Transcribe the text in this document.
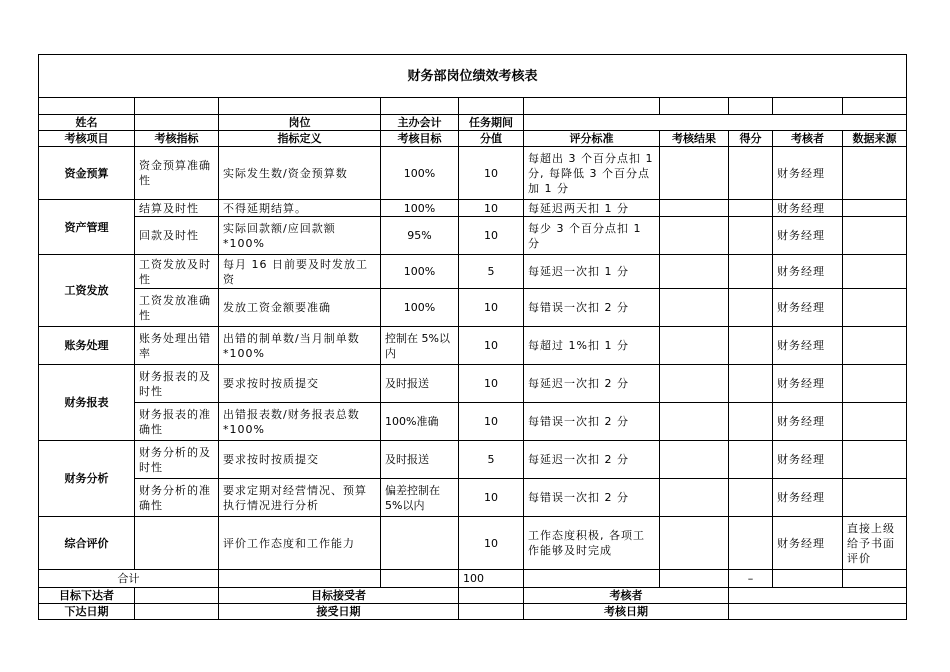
财务部岗位绩效考核表									

姓名		岗位	主办会计	任务期间					
考核项目	考核指标	指标定义	考核目标	分值	评分标准	考核结果	得分	考核者	数据来源
资金预算	资金预算准确性	实际发生数/资金预算数	100%	10	每超出 3 个百分点扣 1 分, 每降低 3 个百分点加 1 分			财务经理	
资产管理	结算及时性	不得延期结算。	100%	10	每延迟两天扣 1 分			财务经理	
	回款及时性	实际回款额/应回款额*100%	95%	10	每少 3 个百分点扣 1 分			财务经理	
工资发放	工资发放及时性	每月 16 日前要及时发放工资	100%	5	每延迟一次扣 1 分			财务经理	
	工资发放准确性	发放工资金额要准确	100%	10	每错误一次扣 2 分			财务经理	
账务处理	账务处理出错率	出错的制单数/当月制单数*100%	控制在 5%以内	10	每超过 1%扣 1 分			财务经理	
财务报表	财务报表的及时性	要求按时按质提交	及时报送	10	每延迟一次扣 2 分			财务经理	
	财务报表的准确性	出错报表数/财务报表总数*100%	100%准确	10	每错误一次扣 2 分			财务经理	
财务分析	财务分析的及时性	要求按时按质提交	及时报送	5	每延迟一次扣 2 分			财务经理	
	财务分析的准确性	要求定期对经营情况、预算执行情况进行分析	偏差控制在 5%以内	10	每错误一次扣 2 分			财务经理	
综合评价		评价工作态度和工作能力		10	工作态度积极, 各项工作能够及时完成			财务经理	直接上级给予书面评价
合计				100			–		
目标下达者		目标接受者			考核者				
下达日期		接受日期			考核日期				
